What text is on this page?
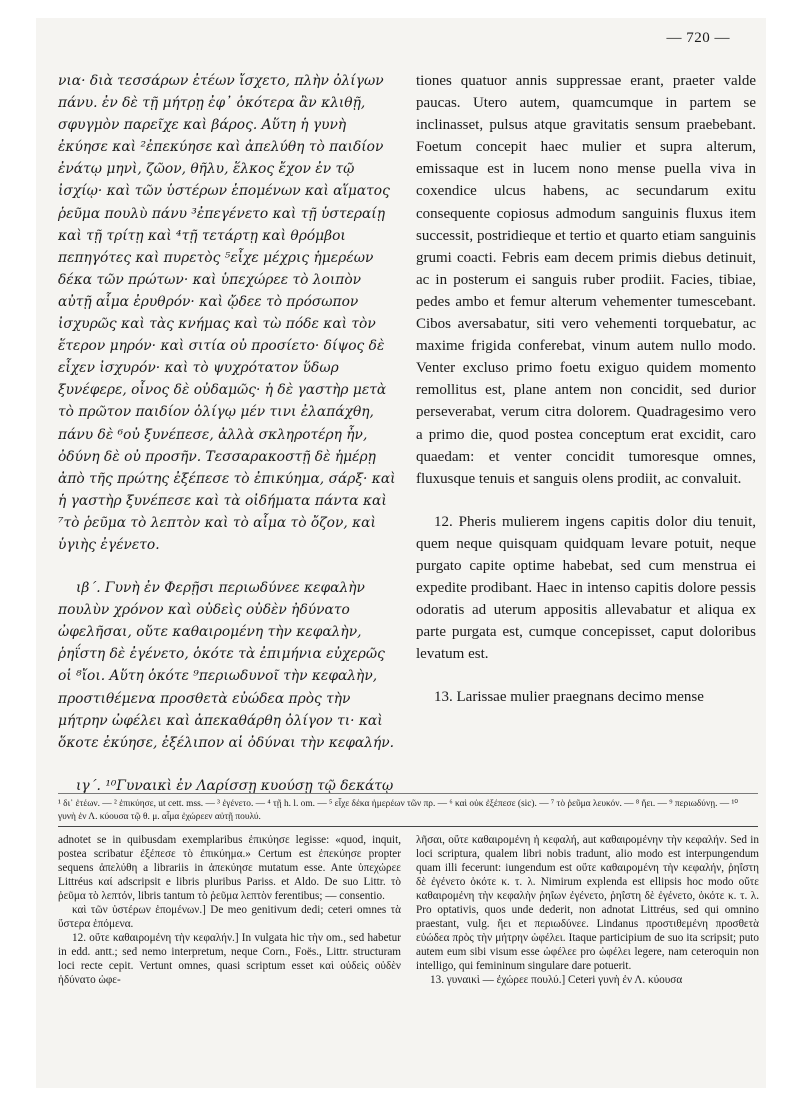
— 720 —

νια· διὰ τεσσάρων ἐτέων ἴσχετο, πλὴν ὀλίγων πάνυ. ἐν δὲ τῇ μήτρῃ ἐφ᾽ ὁκότερα ἂν κλιθῇ, σφυγμὸν παρεῖχε καὶ βάρος. Αὕτη ἡ γυνὴ ἐκύησε καὶ ²ἐπεκύησε καὶ ἀπελύθη τὸ παιδίον ἐνάτῳ μηνὶ, ζῶον, θῆλυ, ἕλκος ἔχον ἐν τῷ ἰσχίῳ· καὶ τῶν ὑστέρων ἑπομένων καὶ αἵματος ῥεῦμα πουλὺ πάνυ ³ἐπεγένετο καὶ τῇ ὑστεραίῃ καὶ τῇ τρίτῃ καὶ ⁴τῇ τετάρτῃ καὶ θρόμβοι πεπηγότες καὶ πυρετὸς ⁵εἶχε μέχρις ἡμερέων δέκα τῶν πρώτων· καὶ ὑπεχώρεε τὸ λοιπὸν αὐτῇ αἷμα ἐρυθρόν· καὶ ᾤδεε τὸ πρόσωπον ἰσχυρῶς καὶ τὰς κνήμας καὶ τὼ πόδε καὶ τὸν ἕτερον μηρόν· καὶ σιτία οὐ προσίετο· δίψος δὲ εἶχεν ἰσχυρόν· καὶ τὸ ψυχρότατον ὕδωρ ξυνέφερε, οἶνος δὲ οὐδαμῶς· ἡ δὲ γαστὴρ μετὰ τὸ πρῶτον παιδίον ὀλίγῳ μέν τινι ἐλαπάχθη, πάνυ δὲ ⁶οὐ ξυνέπεσε, ἀλλὰ σκληροτέρη ἦν, ὀδύνη δὲ οὐ προσῆν. Τεσσαρακοστῇ δὲ ἡμέρῃ ἀπὸ τῆς πρώτης ἐξέπεσε τὸ ἐπικύημα, σάρξ· καὶ ἡ γαστὴρ ξυνέπεσε καὶ τὰ οἰδήματα πάντα καὶ ⁷τὸ ῥεῦμα τὸ λεπτὸν καὶ τὸ αἷμα τὸ ὄζον, καὶ ὑγιὴς ἐγένετο.

ιβ΄. Γυνὴ ἐν Φερῇσι περιωδύνεε κεφαλὴν πουλὺν χρόνον καὶ οὐδεὶς οὐδὲν ἠδύνατο ὠφελῆσαι, οὔτε καθαιρομένη τὴν κεφαλὴν, ῥηΐστη δὲ ἐγένετο, ὁκότε τὰ ἐπιμήνια εὐχερῶς οἱ ⁸ἴοι. Αὕτη ὁκότε ⁹περιωδυνοῖ τὴν κεφαλὴν, προστιθέμενα προσθετὰ εὐώδεα πρὸς τὴν μήτρην ὠφέλει καὶ ἀπεκαθάρθη ὀλίγον τι· καὶ ὅκοτε ἐκύησε, ἐξέλιπον αἱ ὀδύναι τὴν κεφαλήν.

ιγ΄. ¹⁰Γυναικὶ ἐν Λαρίσσῃ κυούσῃ τῷ δεκάτῳ

tiones quatuor annis suppressae erant, praeter valde paucas. Utero autem, quamcumque in partem se inclinasset, pulsus atque gravitatis sensum praebebant. Foetum concepit haec mulier et supra alterum, emissaque est in lucem nono mense puella viva in coxendice ulcus habens, ac secundarum exitu consequente copiosus admodum sanguinis fluxus item successit, postridieque et tertio et quarto etiam sanguinis grumi coacti. Febris eam decem primis diebus detinuit, ac in posterum ei sanguis ruber prodiit. Facies, tibiae, pedes ambo et femur alterum vehementer tumescebant. Cibos aversabatur, siti vero vehementi torquebatur, ac maxime frigida conferebat, vinum autem nullo modo. Venter excluso primo foetu exiguo quidem momento remollitus est, plane antem non concidit, sed durior perseverabat, verum citra dolorem. Quadragesimo vero a primo die, quod postea conceptum erat excidit, caro quaedam: et venter concidit tumoresque omnes, fluxusque tenuis et sanguis olens prodiit, ac convaluit.

12. Pheris mulierem ingens capitis dolor diu tenuit, quem neque quisquam quidquam levare potuit, neque purgato capite optime habebat, sed cum menstrua ei expedite prodibant. Haec in intenso capitis dolore pessis odoratis ad uterum appositis allevabatur et aliqua ex parte purgata est, cumque concepisset, caput doloribus levatum est.

13. Larissae mulier praegnans decimo mense

¹ δι᾽ ἐτέων. — ² ἐπικύησε, ut cett. mss. — ³ ἐγένετο. — ⁴ τῇ h. l. om. — ⁵ εἶχε δέκα ἡμερέων τῶν πρ. — ⁶ καὶ οὐκ ἐξέπεσε (sic). — ⁷ τὸ ῥεῦμα λευκόν. — ⁸ ἤει. — ⁹ περιωδύνῃ. — ¹⁰ γυνὴ ἐν Λ. κύουσα τῷ θ. μ. αἷμα ἐχώρεεν αὐτῇ πουλύ.

adnotet se in quibusdam exemplaribus ἐπικύησε legisse: «quod, inquit, postea scribatur ἐξέπεσε τὸ ἐπικύημα.» Certum est ἐπεκύησε propter sequens ἀπελύθη a librariis in ἀπεκύησε mutatum esse. Ante ὑπεχώρεε Littréus καί adscripsit e libris pluribus Pariss. et Aldo. De suo Littr. τὸ ῥεῦμα τὸ λεπτόν, libris tantum τὸ ῥεῦμα λεπτὸν ferentibus; — consentio.

καὶ τῶν ὑστέρων ἑπομένων.] De meo genitivum dedi; ceteri omnes τὰ ὕστερα ἑπόμενα.

12. οὔτε καθαιρομένη τὴν κεφαλήν.] In vulgata hic τὴν om., sed habetur in edd. antt.; sed nemo interpretum, neque Corn., Foës., Littr. structuram loci recte cepit. Vertunt omnes, quasi scriptum esset καὶ οὐδεὶς οὐδὲν ἠδύνατο ὠφε-

λῆσαι, οὔτε καθαιρομένη ἡ κεφαλή, aut καθαιρομένην τὴν κεφαλήν. Sed in loci scriptura, qualem libri nobis tradunt, alio modo est interpungendum quam illi fecerunt: iungendum est οὔτε καθαιρομένη τὴν κεφαλήν, ῥηΐστη δὲ ἐγένετο ὁκότε κ. τ. λ. Nimirum explenda est ellipsis hoc modo οὔτε καθαιρομένη τὴν κεφαλὴν ῥηΐων ἐγένετο, ῥηΐστη δὲ ἐγένετο, ὁκότε κ. τ. λ. Pro optativis, quos unde dederit, non adnotat Littréus, sed qui omnino praestant, vulg. ἤει et περιωδύνεε. Lindanus προστιθεμένη προσθετὰ εὐώδεα πρὸς τὴν μήτρην ὠφέλει. Itaque participium de suo ita scripsit; puto autem eum sibi visum esse ὠφέλεε pro ὠφέλει legere, nam ceteroquin non intelligo, qui femininum singulare dare potuerit.

13. γυναικὶ — ἐχώρεε πουλύ.] Ceteri γυνὴ ἐν Λ. κύουσα
